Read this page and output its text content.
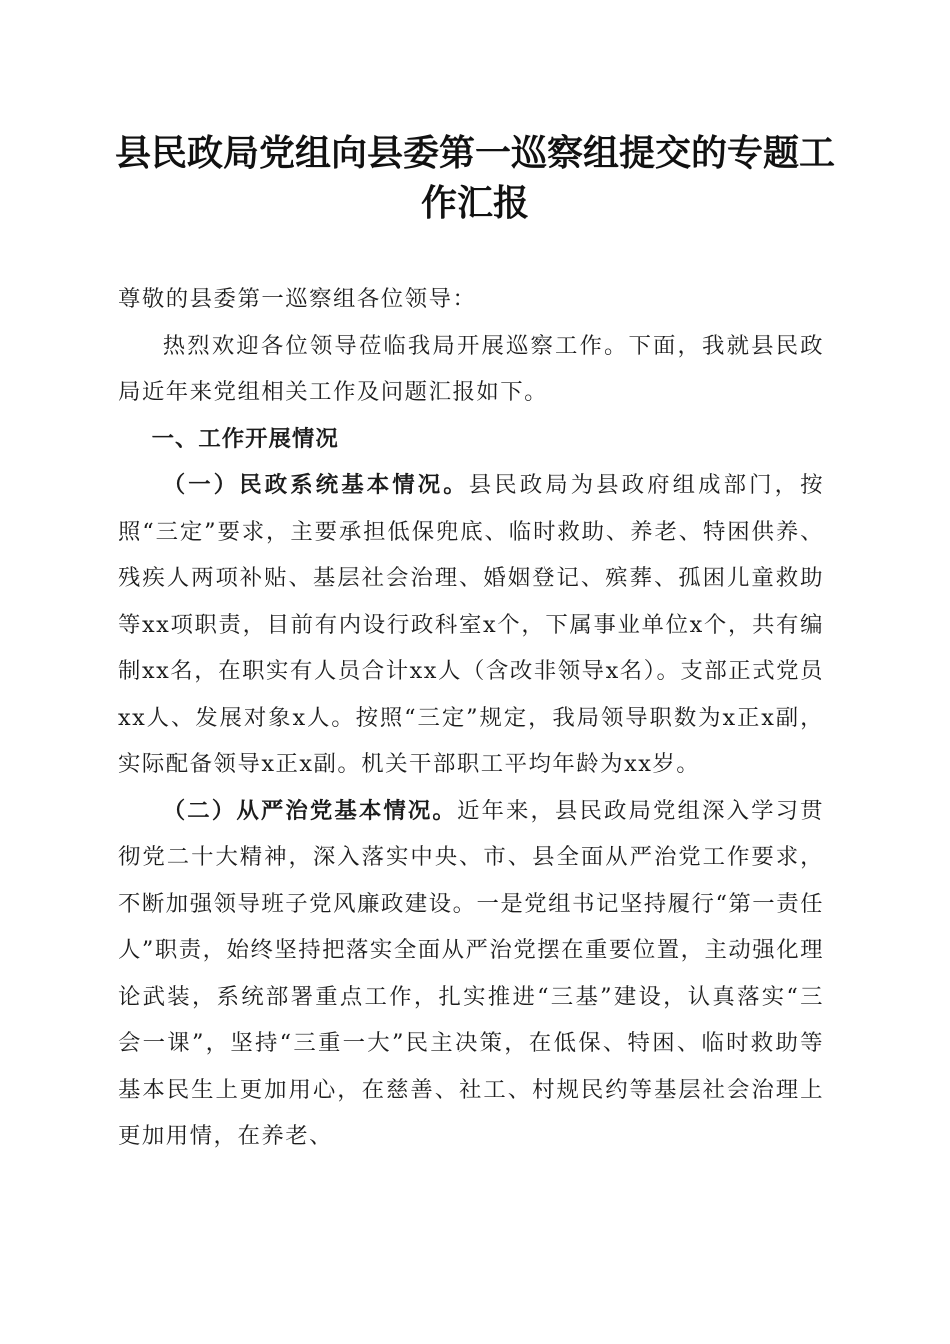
县民政局党组向县委第一巡察组提交的专题工作汇报

尊敬的县委第一巡察组各位领导：

热烈欢迎各位领导莅临我局开展巡察工作。下面，我就县民政局近年来党组相关工作及问题汇报如下。

一、工作开展情况

（一）民政系统基本情况。县民政局为县政府组成部门，按照“三定”要求，主要承担低保兜底、临时救助、养老、特困供养、残疾人两项补贴、基层社会治理、婚姻登记、殡葬、孤困儿童救助等xx项职责，目前有内设行政科室x个，下属事业单位x个，共有编制xx名，在职实有人员合计xx人（含改非领导x名）。支部正式党员xx人、发展对象x人。按照“三定”规定，我局领导职数为x正x副，实际配备领导x正x副。机关干部职工平均年龄为xx岁。

（二）从严治党基本情况。近年来，县民政局党组深入学习贯彻党二十大精神，深入落实中央、市、县全面从严治党工作要求，不断加强领导班子党风廉政建设。一是党组书记坚持履行“第一责任人”职责，始终坚持把落实全面从严治党摆在重要位置，主动强化理论武装，系统部署重点工作，扎实推进“三基”建设，认真落实“三会一课”，坚持“三重一大”民主决策，在低保、特困、临时救助等基本民生上更加用心，在慈善、社工、村规民约等基层社会治理上更加用情，在养老、
